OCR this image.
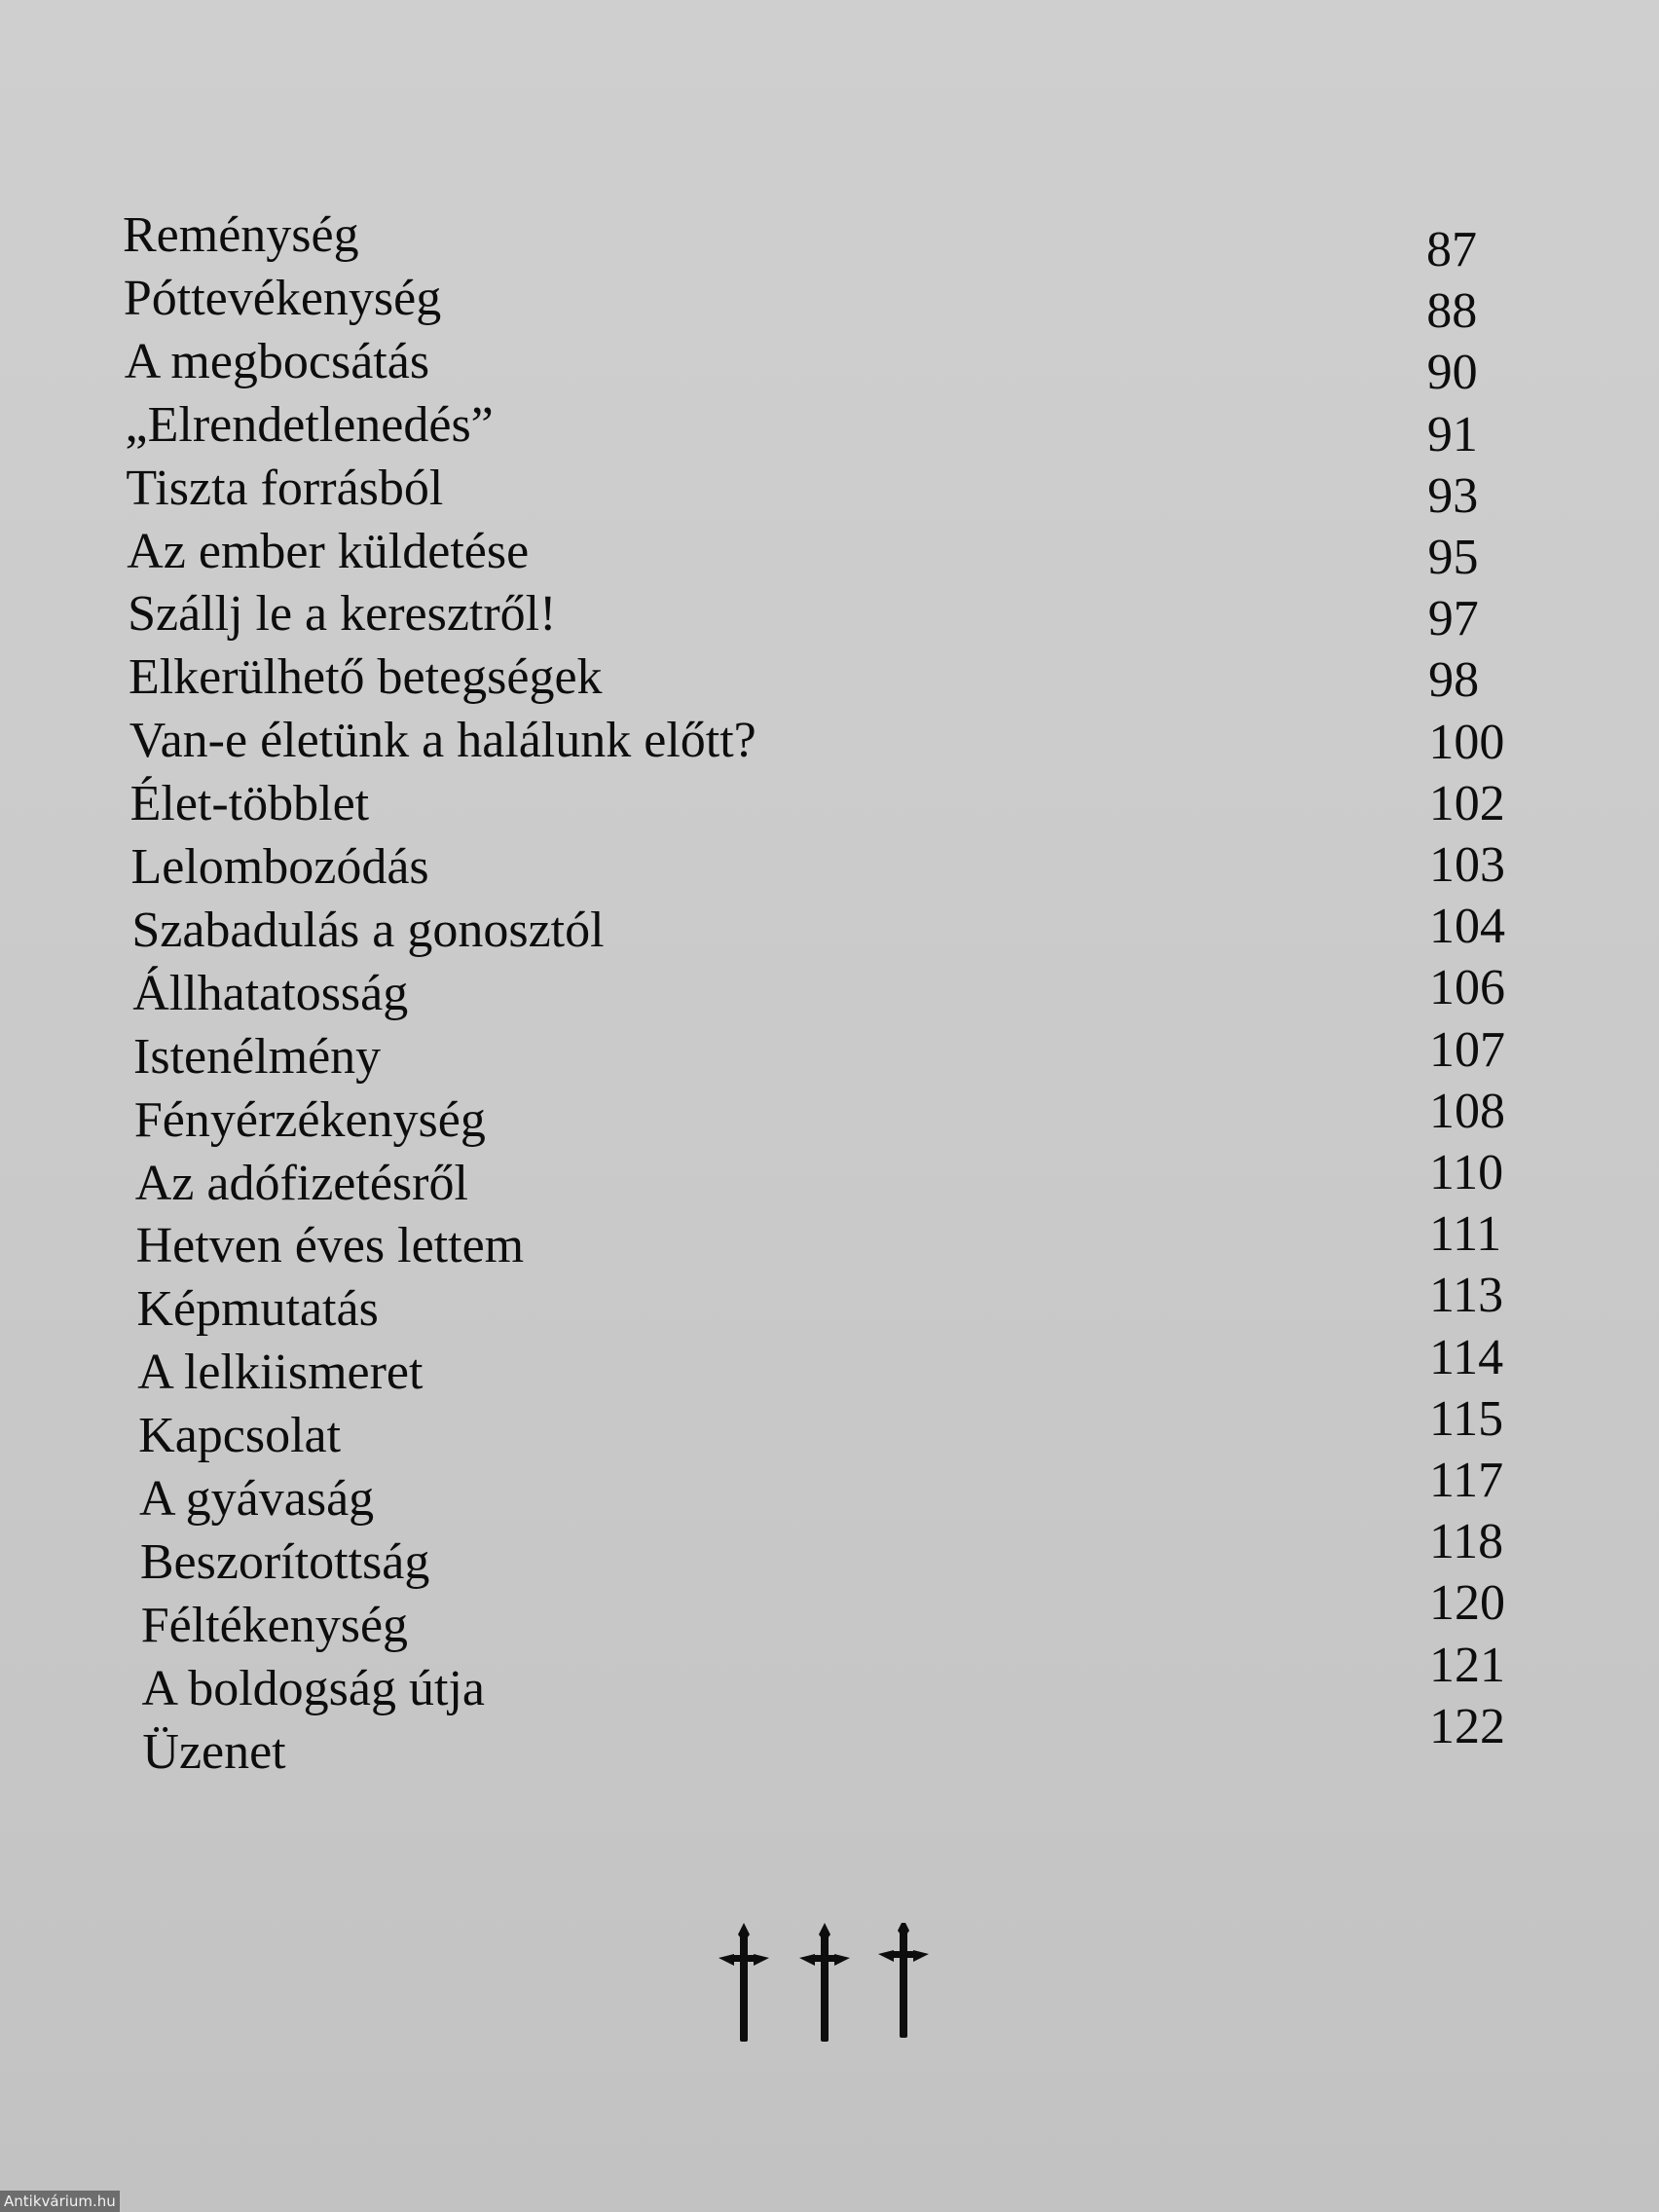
Reménység	87
Póttevékenység	88
A megbocsátás	90
„Elrendetlenedés”	91
Tiszta forrásból	93
Az ember küldetése	95
Szállj le a keresztről!	97
Elkerülhető betegségek	98
Van-e életünk a halálunk előtt?	100
Élet-többlet	102
Lelombozódás	103
Szabadulás a gonosztól	104
Állhatatosság	106
Istenélmény	107
Fényérzékenység	108
Az adófizetésről	110
Hetven éves lettem	111
Képmutatás	113
A lelkiismeret	114
Kapcsolat	115
A gyávaság	117
Beszorítottság	118
Féltékenység	120
A boldogság útja	121
Üzenet	122
Antikvárium.hu
